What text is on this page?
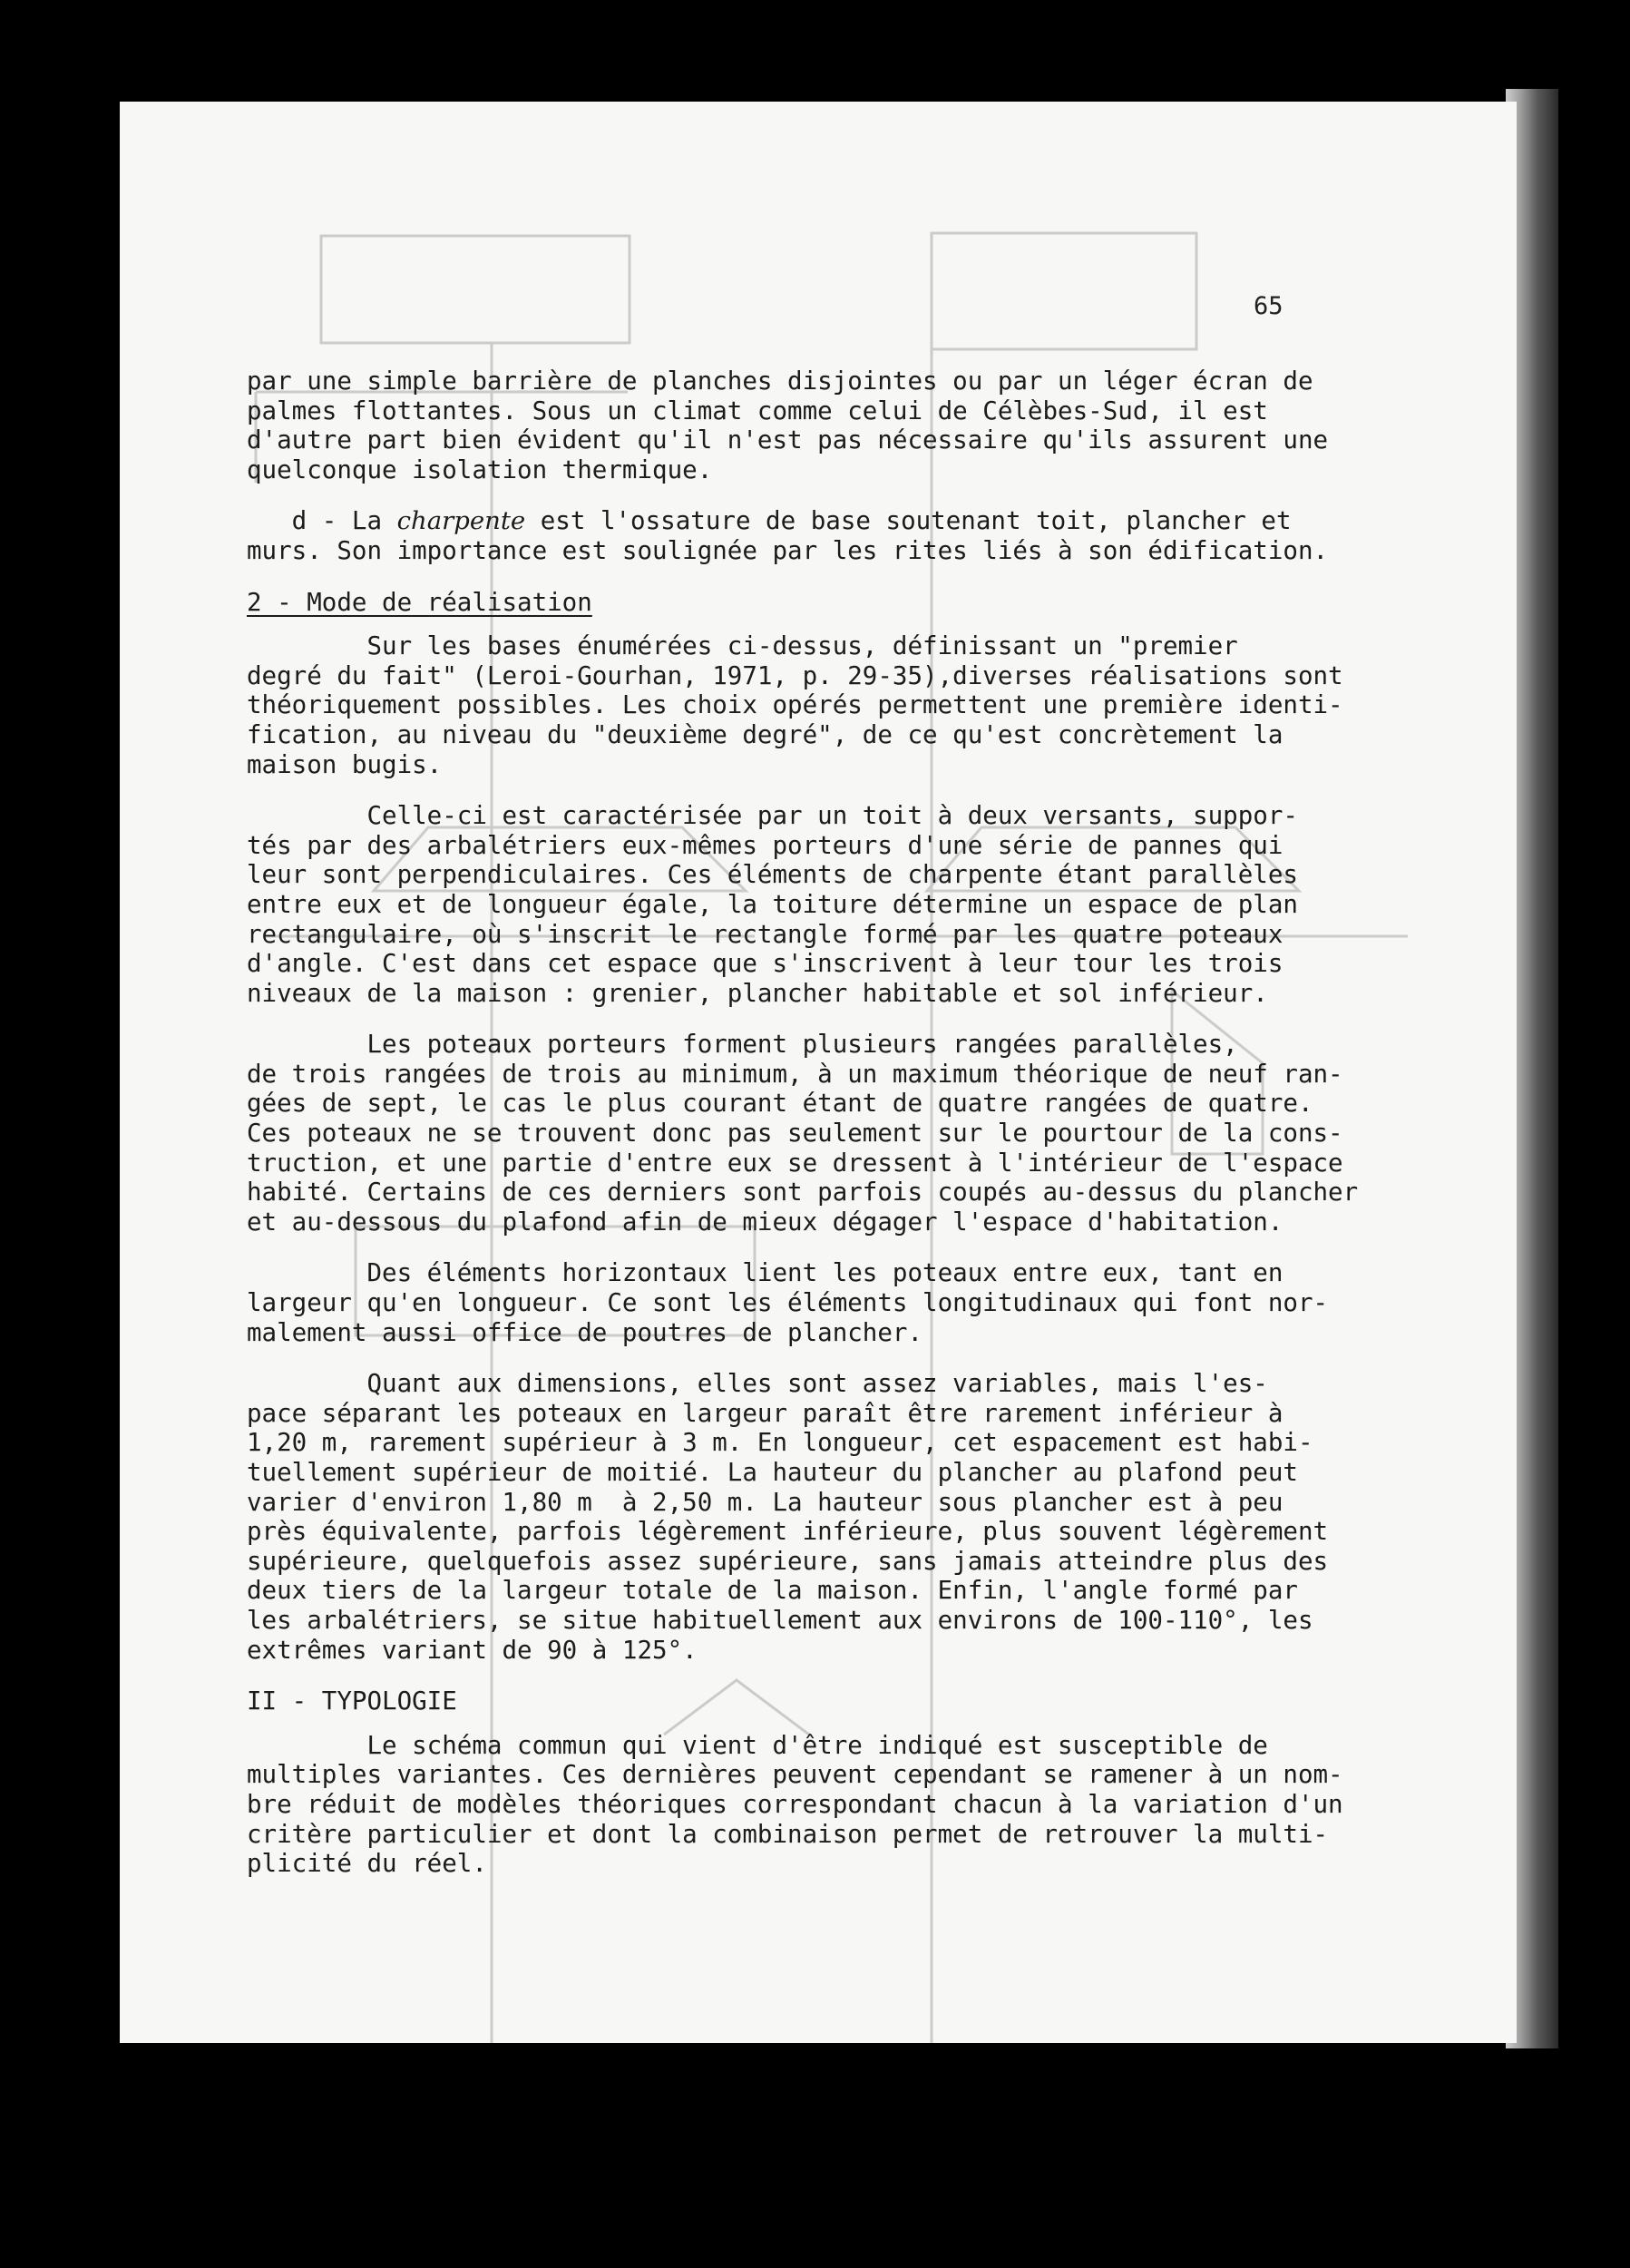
65

par une simple barrière de planches disjointes ou par un léger écran de
palmes flottantes. Sous un climat comme celui de Célèbes-Sud, il est
d'autre part bien évident qu'il n'est pas nécessaire qu'ils assurent une
quelconque isolation thermique.

d - La charpente est l'ossature de base soutenant toit, plancher et
murs. Son importance est soulignée par les rites liés à son édification.

2 - Mode de réalisation

Sur les bases énumérées ci-dessus, définissant un "premier
degré du fait" (Leroi-Gourhan, 1971, p. 29-35),diverses réalisations sont
théoriquement possibles. Les choix opérés permettent une première identi-
fication, au niveau du "deuxième degré", de ce qu'est concrètement la
maison bugis.

Celle-ci est caractérisée par un toit à deux versants, suppor-
tés par des arbalétriers eux-mêmes porteurs d'une série de pannes qui
leur sont perpendiculaires. Ces éléments de charpente étant parallèles
entre eux et de longueur égale, la toiture détermine un espace de plan
rectangulaire, où s'inscrit le rectangle formé par les quatre poteaux
d'angle. C'est dans cet espace que s'inscrivent à leur tour les trois
niveaux de la maison : grenier, plancher habitable et sol inférieur.

Les poteaux porteurs forment plusieurs rangées parallèles,
de trois rangées de trois au minimum, à un maximum théorique de neuf ran-
gées de sept, le cas le plus courant étant de quatre rangées de quatre.
Ces poteaux ne se trouvent donc pas seulement sur le pourtour de la cons-
truction, et une partie d'entre eux se dressent à l'intérieur de l'espace
habité. Certains de ces derniers sont parfois coupés au-dessus du plancher
et au-dessous du plafond afin de mieux dégager l'espace d'habitation.

Des éléments horizontaux lient les poteaux entre eux, tant en
largeur qu'en longueur. Ce sont les éléments longitudinaux qui font nor-
malement aussi office de poutres de plancher.

Quant aux dimensions, elles sont assez variables, mais l'es-
pace séparant les poteaux en largeur paraît être rarement inférieur à
1,20 m, rarement supérieur à 3 m. En longueur, cet espacement est habi-
tuellement supérieur de moitié. La hauteur du plancher au plafond peut
varier d'environ 1,80 m  à 2,50 m. La hauteur sous plancher est à peu
près équivalente, parfois légèrement inférieure, plus souvent légèrement
supérieure, quelquefois assez supérieure, sans jamais atteindre plus des
deux tiers de la largeur totale de la maison. Enfin, l'angle formé par
les arbalétriers, se situe habituellement aux environs de 100-110°, les
extrêmes variant de 90 à 125°.

II - TYPOLOGIE

Le schéma commun qui vient d'être indiqué est susceptible de
multiples variantes. Ces dernières peuvent cependant se ramener à un nom-
bre réduit de modèles théoriques correspondant chacun à la variation d'un
critère particulier et dont la combinaison permet de retrouver la multi-
plicité du réel.
